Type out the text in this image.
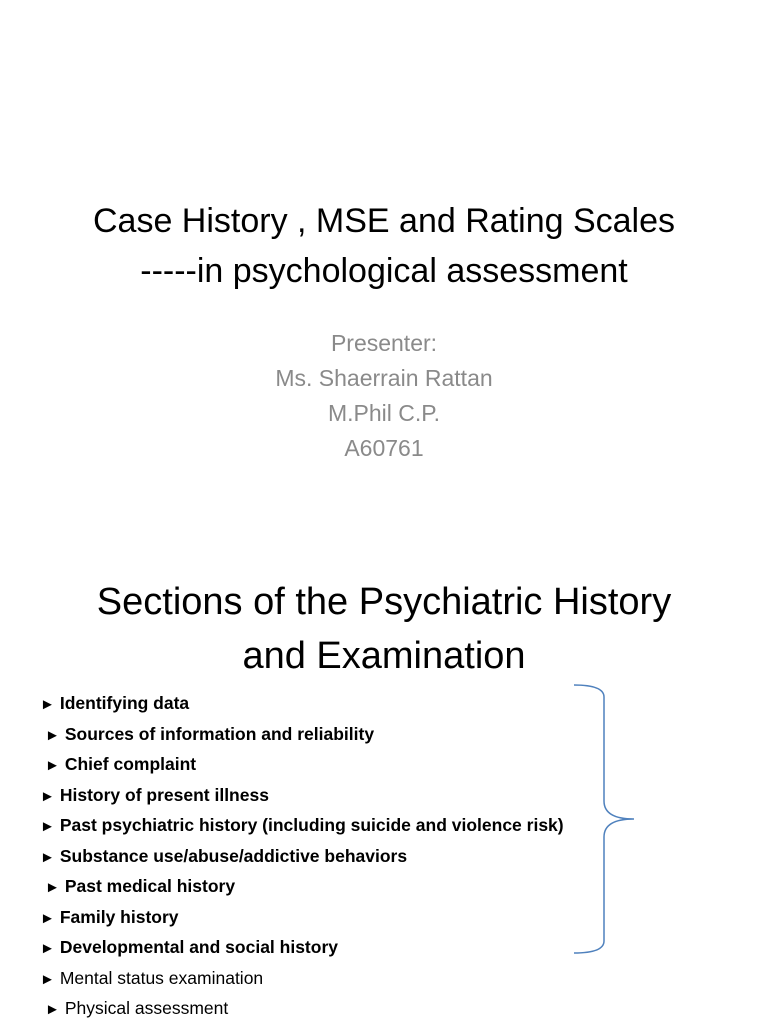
Case History , MSE and Rating Scales
-----in psychological assessment
Presenter:
Ms. Shaerrain Rattan
M.Phil C.P.
A60761
Sections of the Psychiatric History
and Examination
► Identifying data
► Sources of information and reliability
► Chief complaint
► History of present illness
► Past psychiatric history (including suicide and violence risk)
► Substance use/abuse/addictive behaviors
► Past medical history
► Family history
► Developmental and social history
► Mental status examination
► Physical assessment
